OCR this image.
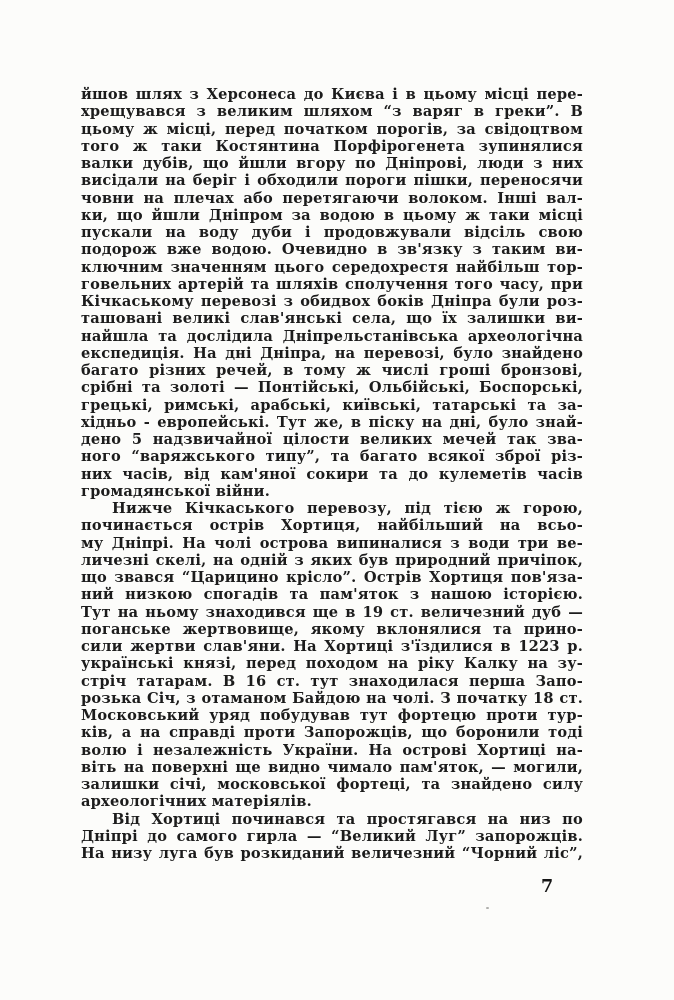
йшов шлях з Херсонеса до Києва і в цьому місці пере-
хрещувався з великим шляхом “з варяг в греки”. В
цьому ж місці, перед початком порогів, за свідоцтвом
того ж таки Костянтина Порфірогенета зупинялися
валки дубів, що йшли вгору по Дніпрові, люди з них
висідали на беріг і обходили пороги пішки, переносячи
човни на плечах або перетягаючи волоком. Інші вал-
ки, що йшли Дніпром за водою в цьому ж таки місці
пускали на воду дуби і продовжували відсіль свою
подорож вже водою. Очевидно в зв'язку з таким ви-
ключним значенням цього середохрестя найбільш тор-
говельних артерій та шляхів сполучення того часу, при
Кічкаському перевозі з обидвох боків Дніпра були роз-
ташовані великі слав'янські села, що їх залишки ви-
найшла та дослідила Дніпрельстанівська археологічна
експедиція. На дні Дніпра, на перевозі, було знайдено
багато різних речей, в тому ж числі гроші бронзові,
срібні та золоті — Понтійські, Ольбійські, Боспорські,
грецькі, римські, арабські, київські, татарські та за-
хідньо - европейські. Тут же, в піску на дні, було знай-
дено 5 надзвичайної цілости великих мечей так зва-
ного “варяжського типу”, та багато всякої зброї різ-
них часів, від кам'яної сокири та до кулеметів часів
громадянської війни.
Нижче Кічкаського перевозу, під тією ж горою,
починається острів Хортиця, найбільший на всьо-
му Дніпрі. На чолі острова випиналися з води три ве-
личезні скелі, на одній з яких був природний причіпок,
що звався “Царицино крісло”. Острів Хортиця пов'яза-
ний низкою спогадів та пам'яток з нашою історією.
Тут на ньому знаходився ще в 19 ст. величезний дуб —
поганське жертвовище, якому вклонялися та прино-
сили жертви слав'яни. На Хортиці з'їздилися в 1223 р.
українські князі, перед походом на ріку Калку на зу-
стріч татарам. В 16 ст. тут знаходилася перша Запо-
розька Січ, з отаманом Байдою на чолі. З початку 18 ст.
Московський уряд побудував тут фортецю проти тур-
ків, а на справді проти Запорожців, що боронили тоді
волю і незалежність України. На острові Хортиці на-
віть на поверхні ще видно чимало пам'яток, — могили,
залишки січі, московської фортеці, та знайдено силу
археологічних матеріялів.
Від Хортиці починався та простягався на низ по
Дніпрі до самого гирла — “Великий Луг” запорожців.
На низу луга був розкиданий величезний “Чорний ліс”,
7
